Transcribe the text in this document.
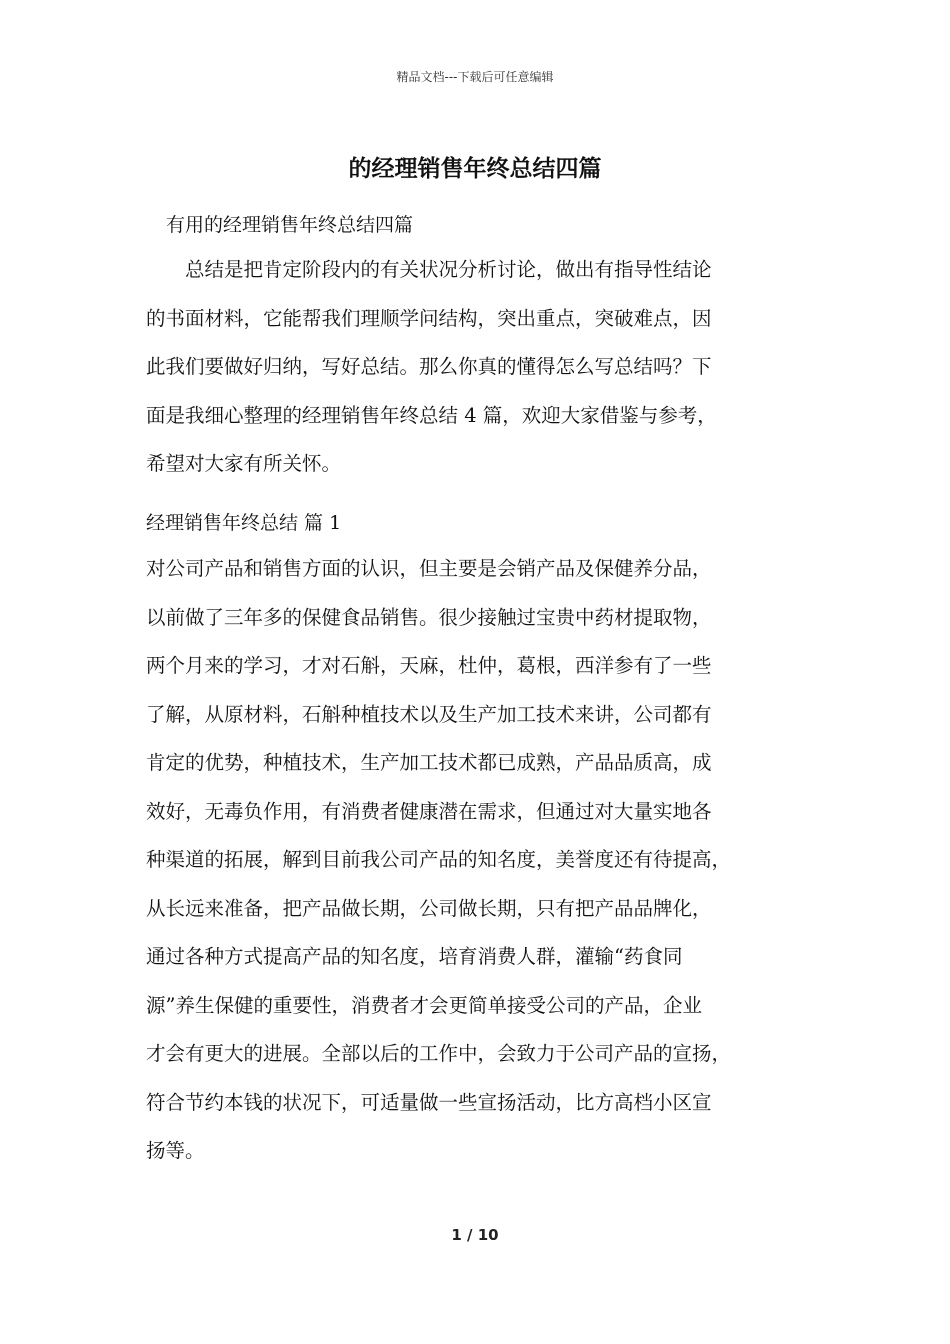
精品文档---下载后可任意编辑
的经理销售年终总结四篇
有用的经理销售年终总结四篇
　　总结是把肯定阶段内的有关状况分析讨论，做出有指导性结论
的书面材料，它能帮我们理顺学问结构，突出重点，突破难点，因
此我们要做好归纳，写好总结。那么你真的懂得怎么写总结吗？下
面是我细心整理的经理销售年终总结 4 篇，欢迎大家借鉴与参考，
希望对大家有所关怀。
经理销售年终总结 篇 1
对公司产品和销售方面的认识，但主要是会销产品及保健养分品，
以前做了三年多的保健食品销售。很少接触过宝贵中药材提取物，
两个月来的学习，才对石斛，天麻，杜仲，葛根，西洋参有了一些
了解，从原材料，石斛种植技术以及生产加工技术来讲，公司都有
肯定的优势，种植技术，生产加工技术都已成熟，产品品质高，成
效好，无毒负作用，有消费者健康潜在需求，但通过对大量实地各
种渠道的拓展，解到目前我公司产品的知名度，美誉度还有待提高，
从长远来准备，把产品做长期，公司做长期，只有把产品品牌化，
通过各种方式提高产品的知名度，培育消费人群，灌输“药食同
源”养生保健的重要性，消费者才会更简单接受公司的产品，企业
才会有更大的进展。全部以后的工作中，会致力于公司产品的宣扬，
符合节约本钱的状况下，可适量做一些宣扬活动，比方高档小区宣
扬等。
1 / 10
